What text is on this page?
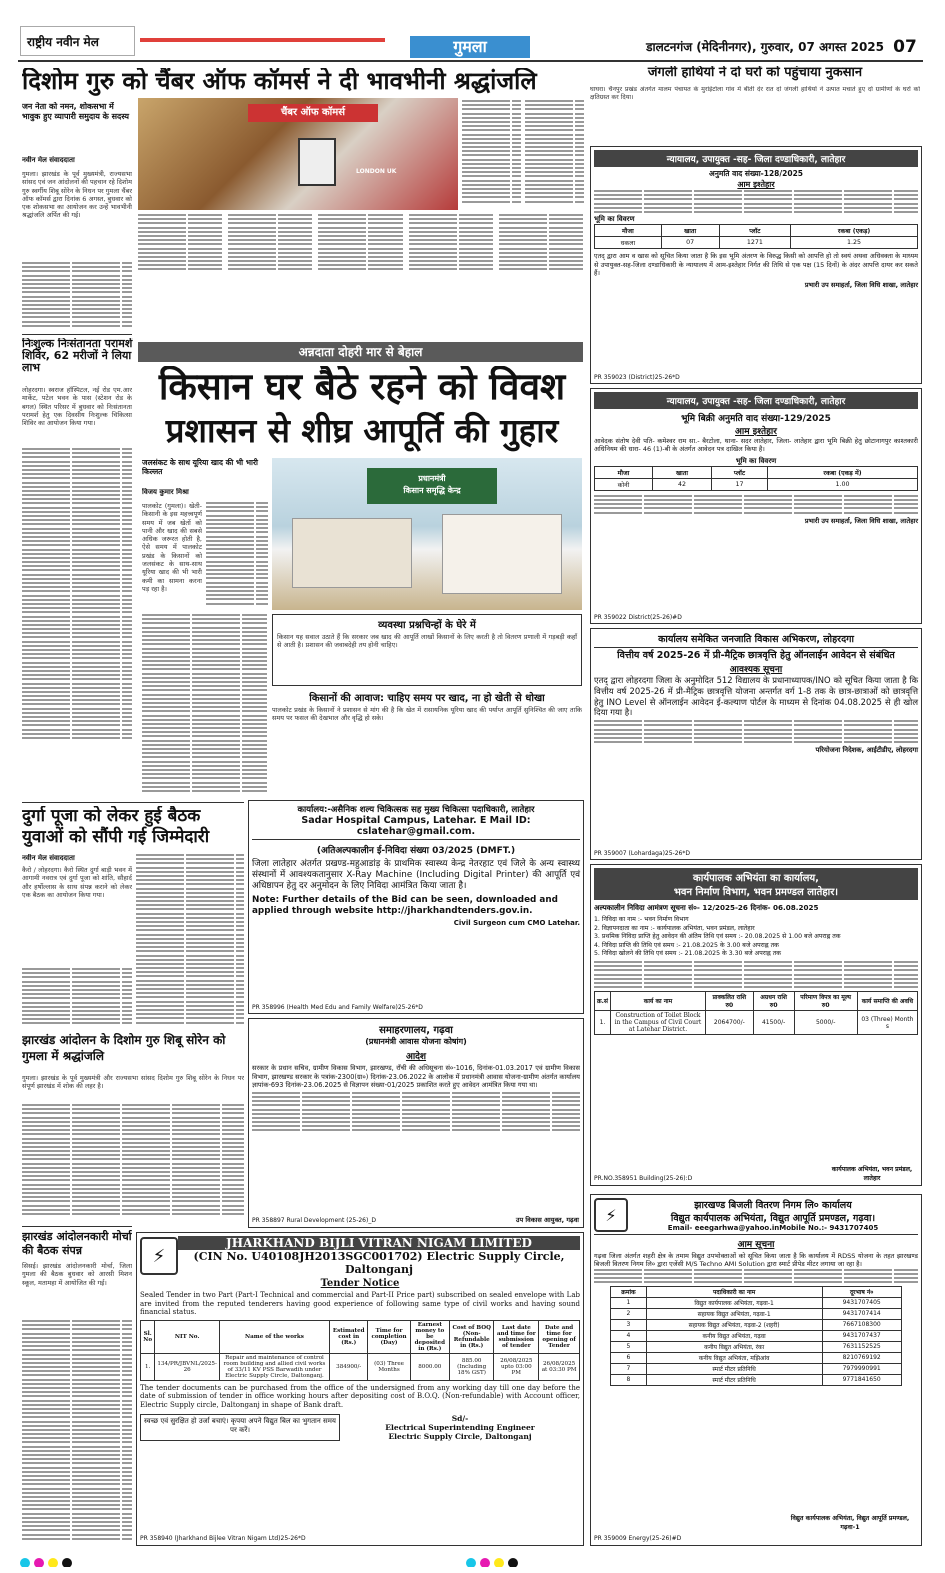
राष्ट्रीय नवीन मेल	गुमला	डालटनगंज (मेदिनीनगर), गुरुवार, 07 अगस्त 2025 07
दिशोम गुरु को चैंबर ऑफ कॉमर्स ने दी भावभीनी श्रद्धांजलि
जन नेता को नमन, शोकसभा में भावुक हुए व्यापारी समुदाय के सदस्य
नवीन मेल संवाददाता
गुमला। झारखंड के पूर्व मुख्यमंत्री, राज्यसभा सांसद एवं जन आंदोलनों की पहचान रहे दिशोम गुरु स्वर्गीय शिबू सोरेन के निधन पर गुमला चैंबर ऑफ कॉमर्स द्वारा दिनांक 6 अगस्त, बुधवार को एक शोकसभा का आयोजन कर उन्हें भावभीनी श्रद्धांजलि अर्पित की गई।
चैंबर ऑफ कॉमर्स
LONDON UK
निःशुल्क निःसंतानता परामर्श शिविर, 62 मरीजों ने लिया लाभ
लोहरदगा। स्वराज हॉस्पिटल, नई रोड एम.आर मार्केट, पटेल भवन के पास (स्टेशन रोड के बगल) स्थित परिसर में बुधवार को निःसंतानता परामर्श हेतु एक दिवसीय निःशुल्क चिकित्सा शिविर का आयोजन किया गया।
अन्नदाता दोहरी मार से बेहाल
किसान घर बैठे रहने को विवश
प्रशासन से शीघ्र आपूर्ति की गुहार
जलसंकट के साथ यूरिया खाद की भी भारी किल्लत
विजय कुमार मिश्रा
पालकोट (गुमला)। खेती-किसानी के इस महत्त्वपूर्ण समय में जब खेतों को पानी और खाद की सबसे अधिक जरूरत होती है, ऐसे समय में पालकोट प्रखंड के किसानों को जलसंकट के साथ-साथ यूरिया खाद की भी भारी कमी का सामना करना पड़ रहा है।
प्रधानमंत्री
किसान समृद्धि केन्द्र
व्यवस्था प्रश्नचिन्हों के घेरे में
किसान यह सवाल उठाते हैं कि सरकार जब खाद की आपूर्ति लाखों किसानों के लिए करती है तो वितरण प्रणाली में गड़बड़ी कहाँ से आती है। प्रशासन की जवाबदेही तय होनी चाहिए।
किसानों की आवाज: चाहिए समय पर खाद, ना हो खेती से धोखा
पालकोट प्रखंड के किसानों ने प्रशासन से मांग की है कि खेत में रासायनिक यूरिया खाद की पर्याप्त आपूर्ति सुनिश्चित की जाए ताकि समय पर फसल की देखभाल और वृद्धि हो सके।
दुर्गा पूजा को लेकर हुई बैठक युवाओं को सौंपी गई जिम्मेदारी
नवीन मेल संवाददाता
कैरो / लोहरदगा। कैरो स्थित दुर्गा बाड़ी भवन में आगामी नवरात्र एवं दुर्गा पूजा को शांति, सौहार्द और हर्षोल्लास के साथ संपन्न कराने को लेकर एक बैठक का आयोजन किया गया।
झारखंड आंदोलन के दिशोम गुरु शिबू सोरेन को गुमला में श्रद्धांजलि
गुमला। झारखंड के पूर्व मुख्यमंत्री और राज्यसभा सांसद दिशोम गुरु शिबू सोरेन के निधन पर संपूर्ण झारखंड में शोक की लहर है।
झारखंड आंदोलनकारी मोर्चा की बैठक संपन्न
सिसई। झारखंड आंदोलनकारी मोर्चा, जिला गुमला की बैठक बुधवार को आरसी मिशन स्कूल, मतामहा में आयोजित की गई।
कार्यालय:-असैनिक शल्य चिकित्सक सह मुख्य चिकित्सा पदाधिकारी, लातेहार
Sadar Hospital Campus, Latehar. E Mail ID: cslatehar@gmail.com.
(अतिअल्पकालीन ई-निविदा संख्या 03/2025 (DMFT.)
जिला लातेहार अंतर्गत प्रखण्ड-महुआडांड़ के प्राथमिक स्वास्थ्य केन्द्र नेतरहाट एवं जिले के अन्य स्वास्थ्य संस्थानों में आवश्यकतानुसार X-Ray Machine (Including Digital Printer) की आपूर्ति एवं अधिष्ठापन हेतु दर अनुमोदन के लिए निविदा आमंत्रित किया जाता है।
Note: Further details of the Bid can be seen, downloaded and applied through website http://jharkhandtenders.gov.in.
Civil Surgeon cum CMO Latehar.
PR 358996 (Health Med Edu and Family Welfare)25-26*D
समाहरणालय, गढ़वा
(प्रधानमंत्री आवास योजना कोषांग)
आदेश
सरकार के प्रधान सचिव, ग्रामीण विकास विभाग, झारखण्ड, राँची की अधिसूचना सं०-1016, दिनांक-01.03.2017 एवं ग्रामीण विकास विभाग, झारखण्ड सरकार के पत्रांक-2300(ग्रा०) दिनांक-23.06.2022 के आलोक में प्रधानमंत्री आवास योजना-ग्रामीण अंतर्गत कार्यालय ज्ञापांक-693 दिनांक-23.06.2025 से विज्ञापन संख्या-01/2025 प्रकाशित करते हुए आवेदन आमंत्रित किया गया था।
उप विकास आयुक्त, गढ़वा
PR 358897 Rural Development (25-26)_D
⚡
JHARKHAND BIJLI VITRAN NIGAM LIMITED
(CIN No. U40108JH2013SGC001702) Electric Supply Circle, Daltonganj
Tender Notice
Sealed Tender in two Part (Part-I Technical and commercial and Part-II Price part) subscribed on sealed envelope with Lab are invited from the reputed tenderers having good experience of following same type of civil works and having sound financial status.
Sl. No	NIT No.	Name of the works	Estimated cost in (Rs.)	Time for completion (Day)	Earnest money to be deposited in (Rs.)	Cost of BOQ (Non-Refundable in (Rs.)	Last date and time for submission of tender	Date and time for opening of Tender
1.	134/PR/JBVNL/2025-26	Repair and maintenance of control room building and allied civil works of 33/11 KV PSS Barwadih under Electric Supply Circle, Daltonganj.	384900/-	(03) Three Months	8000.00	885.00 (Including 18% GST)	26/08/2025 upto 03:00 PM	26/08/2025 at 03:30 PM
The tender documents can be purchased from the office of the undersigned from any working day till one day before the date of submission of tender in office working hours after depositing cost of B.O.Q. (Non-refundable) with Account officer, Electric Supply circle, Daltonganj in shape of Bank draft.
स्वच्छ एवं सुरक्षित हो उर्जा बचाएं। कृपया अपने विद्युत बिल का भुगतान समय पर करें।
Sd/-
Electrical Superintending Engineer
Electric Supply Circle, Daltonganj
PR 358940 (Jharkhand Bijlee Vitran Nigam Ltd)25-26*D
जंगली हाथियों ने दो घरों को पहुंचाया नुकसान
घाघरा। चैनपुर प्रखंड अंतर्गत मालम पंचायत के मुरांईटोला गांव में बीती देर रात दो जंगली हाथियों ने उत्पात मचाते हुए दो ग्रामीणों के घरों को क्षतिग्रस्त कर दिया।
न्यायालय, उपायुक्त -सह- जिला दण्डाधिकारी, लातेहार
अनुमति वाद संख्या-128/2025
आम इश्तेहार
भूमि का विवरण
मौजा	खाता	प्लॉट	रकबा (एकड़)
धकला	07	1271	1.25
एतद् द्वारा आम व खास को सूचित किया जाता है कि इस भूमि अंतरण के विरुद्ध किसी को आपत्ति हो तो स्वयं अथवा अधिवक्ता के माध्यम से उपायुक्त-सह-जिला दण्डाधिकारी के न्यायालय में आम-इश्तेहार निर्गत की तिथि से एक पक्ष (15 दिनों) के अंदर आपत्ति दायर कर सकते हैं।
प्रभारी उप समाहर्ता, जिला विधि शाखा, लातेहार
PR 359023 (District)25-26*D
न्यायालय, उपायुक्त -सह- जिला दण्डाधिकारी, लातेहार
भूमि बिक्री अनुमति वाद संख्या-129/2025
आम इश्तेहार
आवेदक संतोष देवी पति- कमेश्वर राम सा.- बैरटोला, थाना- सदर लातेहार, जिला- लातेहार द्वारा भूमि बिक्री हेतु छोटानागपुर काश्तकारी अधिनियम की धारा- 46 (1)-बी के अंतर्गत आवेदन पत्र दाखिल किया है।
भूमि का विवरण
मौजा	खाता	प्लॉट	रकबा (एकड़ में)
कोनी	42	17	1.00
प्रभारी उप समाहर्ता, जिला विधि शाखा, लातेहार
PR 359022 District(25-26)#D
कार्यालय समेकित जनजाति विकास अभिकरण, लोहरदगा
वित्तीय वर्ष 2025-26 में प्री-मैट्रिक छात्रवृत्ति हेतु ऑनलाईन आवेदन से संबंधित
आवश्यक सूचना
एतद् द्वारा लोहरदगा जिला के अनुमोदित 512 विद्यालय के प्रधानाध्यापक/INO को सूचित किया जाता है कि वित्तीय वर्ष 2025-26 में प्री-मैट्रिक छात्रवृत्ति योजना अन्तर्गत वर्ग 1-8 तक के छात्र-छात्राओं को छात्रवृत्ति हेतु INO Level से ऑनलाईन आवेदन ई-कल्याण पोर्टल के माध्यम से दिनांक 04.08.2025 से ही खोल दिया गया है।
परियोजना निदेशक, आईटीडीए, लोहरदगा
PR 359007 (Lohardaga)25-26*D
कार्यपालक अभियंता का कार्यालय,
भवन निर्माण विभाग, भवन प्रमण्डल लातेहार।
अल्पकालीन निविदा आमंत्रण सूचना सं०- 12/2025-26 दिनांक- 06.08.2025
1. निविदा का नाम :- भवन निर्माण विभाग
2. विज्ञापनदाता का नाम :- कार्यपालक अभियंता, भवन प्रमंडल, लातेहार
3. प्रथमिक निविदा प्राप्ति हेतु आवेदन की अंतिम तिथि एवं समय :- 20.08.2025 से 1.00 बजे अपराह्न तक
4. निविदा प्राप्ति की तिथि एवं समय :- 21.08.2025 के 3.00 बजे अपराह्न तक
5. निविदा खोलने की तिथि एवं समय :- 21.08.2025 के 3.30 बजे अपराह्न तक
क्र.सं	कार्य का नाम	प्राक्कलित राशि रु0	अग्रधन राशि रु0	परिमाण विपत्र का मूल्य रु0	कार्य समाप्ति की अवधि
1.	Construction of Toilet Block in the Campus of Civil Court at Latehar District.	2064700/-	41500/-	5000/-	03 (Three) Month s
PR.NO.358951 Building(25-26):D
कार्यपालक अभियंता, भवन प्रमंडल, लातेहार
⚡	झारखण्ड बिजली वितरण निगम लि० कार्यालय
विद्युत कार्यपालक अभियंता, विद्युत आपूर्ति प्रमण्डल, गढ़वा।
Email- eeegarhwa@yahoo.inMobile No.:- 9431707405
आम सूचना
गढ़वा जिला अंतर्गत शहरी क्षेत्र के तमाम विद्युत उपभोक्ताओं को सूचित किया जाता है कि कार्यालय में RDSS योजना के तहत झारखण्ड बिजली वितरण निगम लि० द्वारा एजेंसी M/S Techno AMI Solution द्वारा स्मार्ट प्रीपेड मीटर लगाया जा रहा है।
क्रमांक	पदाधिकारी का नाम	दूरभाष नं०
1	विद्युत कार्यपालक अभियंता, गढ़वा-1	9431707405
2	सहायक विद्युत अभियंता, गढ़वा-1	9431707414
3	सहायक विद्युत अभियंता, गढ़वा-2 (शहरी)	7667108300
4	कनीय विद्युत अभियंता, गढ़वा	9431707437
5	कनीय विद्युत अभियंता, रंका	7631152525
6	कनीय विद्युत अभियंता, मझिआंव	8210769192
7	स्मार्ट मीटर प्रतिनिधि	7979990991
8	स्मार्ट मीटर प्रतिनिधि	9771841650
विद्युत कार्यपालक अभियंता, विद्युत आपूर्ति प्रमण्डल, गढ़वा-1
PR 359009 Energy(25-26)#D
